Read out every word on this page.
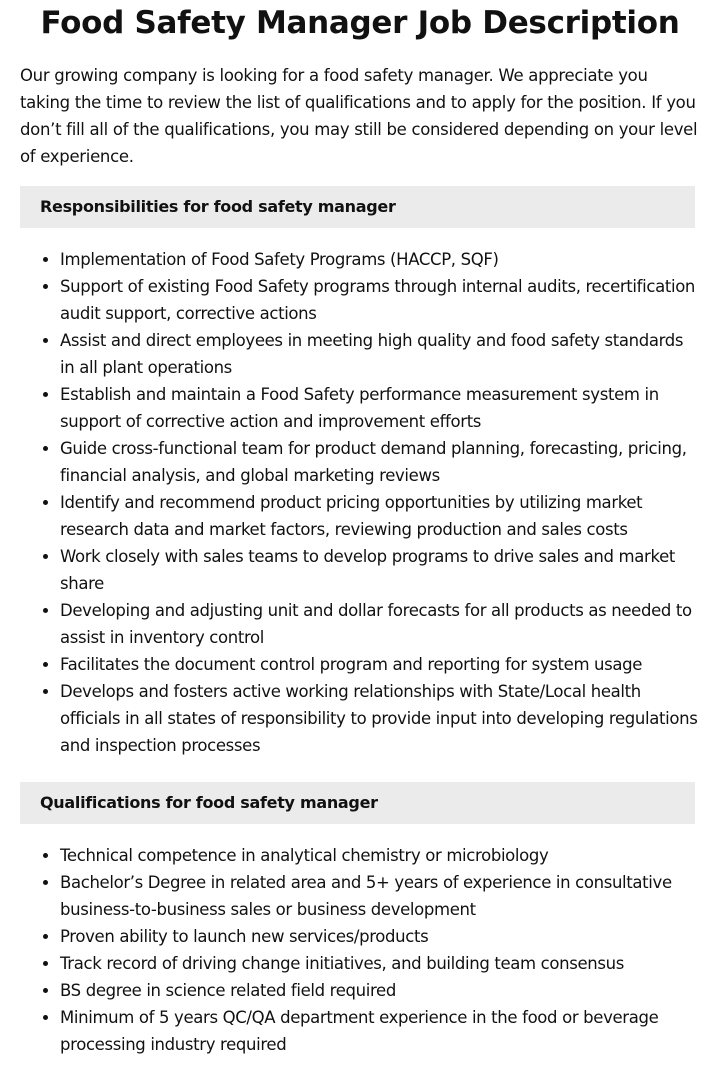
Food Safety Manager Job Description

Our growing company is looking for a food safety manager. We appreciate you taking the time to review the list of qualifications and to apply for the position. If you don’t fill all of the qualifications, you may still be considered depending on your level of experience.

Responsibilities for food safety manager
• Implementation of Food Safety Programs (HACCP, SQF)
• Support of existing Food Safety programs through internal audits, recertification audit support, corrective actions
• Assist and direct employees in meeting high quality and food safety standards in all plant operations
• Establish and maintain a Food Safety performance measurement system in support of corrective action and improvement efforts
• Guide cross-functional team for product demand planning, forecasting, pricing, financial analysis, and global marketing reviews
• Identify and recommend product pricing opportunities by utilizing market research data and market factors, reviewing production and sales costs
• Work closely with sales teams to develop programs to drive sales and market share
• Developing and adjusting unit and dollar forecasts for all products as needed to assist in inventory control
• Facilitates the document control program and reporting for system usage
• Develops and fosters active working relationships with State/Local health officials in all states of responsibility to provide input into developing regulations and inspection processes
Qualifications for food safety manager
• Technical competence in analytical chemistry or microbiology
• Bachelor’s Degree in related area and 5+ years of experience in consultative business-to-business sales or business development
• Proven ability to launch new services/products
• Track record of driving change initiatives, and building team consensus
• BS degree in science related field required
• Minimum of 5 years QC/QA department experience in the food or beverage processing industry required
